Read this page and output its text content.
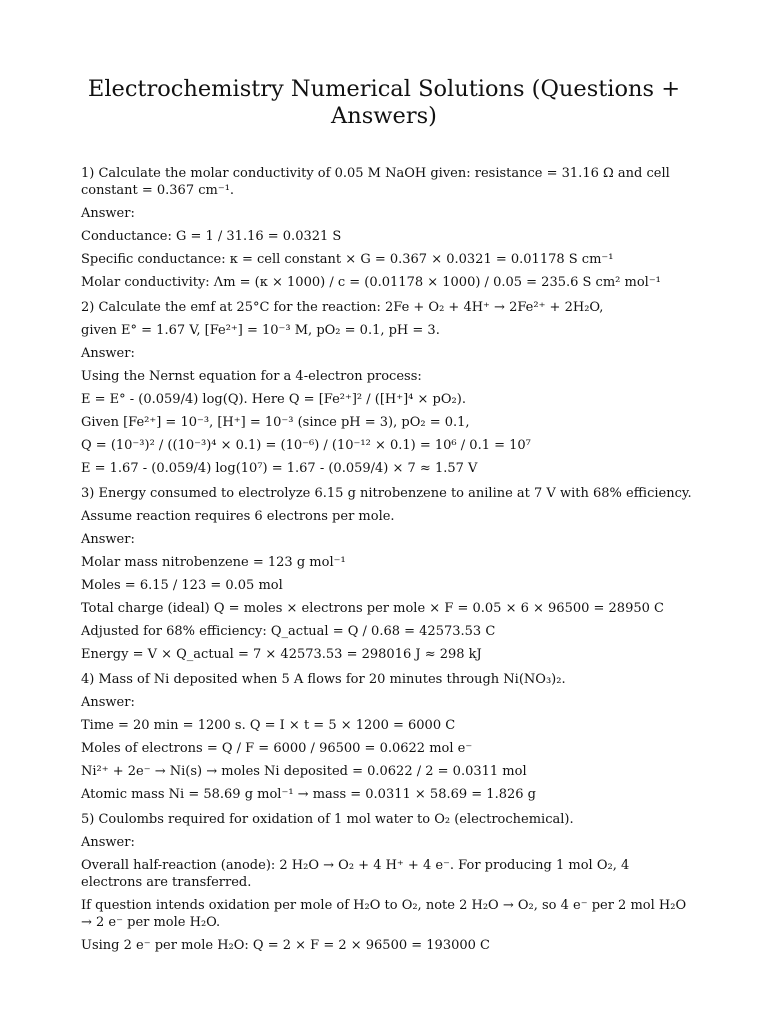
Electrochemistry Numerical Solutions (Questions + Answers)

1) Calculate the molar conductivity of 0.05 M NaOH given: resistance = 31.16 Ω and cell constant = 0.367 cm⁻¹.

Answer:

Conductance: G = 1 / 31.16 = 0.0321 S

Specific conductance: κ = cell constant × G = 0.367 × 0.0321 = 0.01178 S cm⁻¹

Molar conductivity: Λm = (κ × 1000) / c = (0.01178 × 1000) / 0.05 = 235.6 S cm² mol⁻¹

2) Calculate the emf at 25°C for the reaction: 2Fe + O₂ + 4H⁺ → 2Fe²⁺ + 2H₂O,

given E° = 1.67 V, [Fe²⁺] = 10⁻³ M, pO₂ = 0.1, pH = 3.

Answer:

Using the Nernst equation for a 4-electron process:

E = E° - (0.059/4) log(Q). Here Q = [Fe²⁺]² / ([H⁺]⁴ × pO₂).

Given [Fe²⁺] = 10⁻³, [H⁺] = 10⁻³ (since pH = 3), pO₂ = 0.1,

Q = (10⁻³)² / ((10⁻³)⁴ × 0.1) = (10⁻⁶) / (10⁻¹² × 0.1) = 10⁶ / 0.1 = 10⁷

E = 1.67 - (0.059/4) log(10⁷) = 1.67 - (0.059/4) × 7 ≈ 1.57 V

3) Energy consumed to electrolyze 6.15 g nitrobenzene to aniline at 7 V with 68% efficiency.

Assume reaction requires 6 electrons per mole.

Answer:

Molar mass nitrobenzene = 123 g mol⁻¹

Moles = 6.15 / 123 = 0.05 mol

Total charge (ideal) Q = moles × electrons per mole × F = 0.05 × 6 × 96500 = 28950 C

Adjusted for 68% efficiency: Q_actual = Q / 0.68 = 42573.53 C

Energy = V × Q_actual = 7 × 42573.53 = 298016 J ≈ 298 kJ

4) Mass of Ni deposited when 5 A flows for 20 minutes through Ni(NO₃)₂.

Answer:

Time = 20 min = 1200 s. Q = I × t = 5 × 1200 = 6000 C

Moles of electrons = Q / F = 6000 / 96500 = 0.0622 mol e⁻

Ni²⁺ + 2e⁻ → Ni(s) → moles Ni deposited = 0.0622 / 2 = 0.0311 mol

Atomic mass Ni = 58.69 g mol⁻¹ → mass = 0.0311 × 58.69 = 1.826 g

5) Coulombs required for oxidation of 1 mol water to O₂ (electrochemical).

Answer:

Overall half-reaction (anode): 2 H₂O → O₂ + 4 H⁺ + 4 e⁻. For producing 1 mol O₂, 4 electrons are transferred.

If question intends oxidation per mole of H₂O to O₂, note 2 H₂O → O₂, so 4 e⁻ per 2 mol H₂O → 2 e⁻ per mole H₂O.

Using 2 e⁻ per mole H₂O: Q = 2 × F = 2 × 96500 = 193000 C
